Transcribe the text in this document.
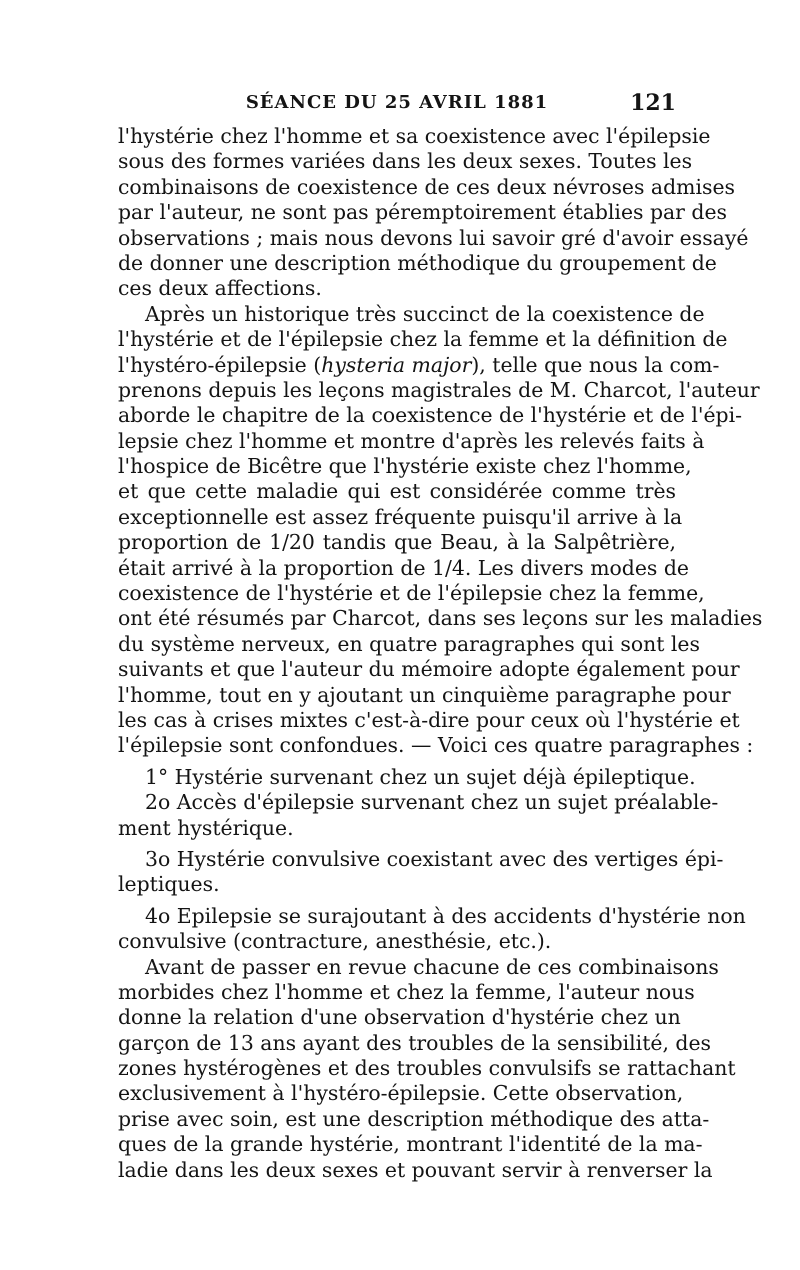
SÉANCE DU 25 AVRIL 1881	121
l'hystérie chez l'homme et sa coexistence avec l'épilepsie
sous des formes variées dans les deux sexes. Toutes les
combinaisons de coexistence de ces deux névroses admises
par l'auteur, ne sont pas péremptoirement établies par des
observations ; mais nous devons lui savoir gré d'avoir essayé
de donner une description méthodique du groupement de
ces deux affections.
Après un historique très succinct de la coexistence de
l'hystérie et de l'épilepsie chez la femme et la définition de
l'hystéro-épilepsie ( hysteria major ), telle que nous la com-
prenons depuis les leçons magistrales de M. Charcot, l'auteur
aborde le chapitre de la coexistence de l'hystérie et de l'épi-
lepsie chez l'homme et montre d'après les relevés faits à
l'hospice de Bicêtre que l'hystérie existe chez l'homme,
et que cette maladie qui est considérée comme très
exceptionnelle est assez fréquente puisqu'il arrive à la
proportion de 1/20 tandis que Beau, à la Salpêtrière,
était arrivé à la proportion de 1/4. Les divers modes de
coexistence de l'hystérie et de l'épilepsie chez la femme,
ont été résumés par Charcot, dans ses leçons sur les maladies
du système nerveux, en quatre paragraphes qui sont les
suivants et que l'auteur du mémoire adopte également pour
l'homme, tout en y ajoutant un cinquième paragraphe pour
les cas à crises mixtes c'est-à-dire pour ceux où l'hystérie et
l'épilepsie sont confondues. — Voici ces quatre paragraphes :
1° Hystérie survenant chez un sujet déjà épileptique.
2o Accès d'épilepsie survenant chez un sujet préalable-
ment hystérique.
3o Hystérie convulsive coexistant avec des vertiges épi-
leptiques.
4o Epilepsie se surajoutant à des accidents d'hystérie non
convulsive (contracture, anesthésie, etc.).
Avant de passer en revue chacune de ces combinaisons
morbides chez l'homme et chez la femme, l'auteur nous
donne la relation d'une observation d'hystérie chez un
garçon de 13 ans ayant des troubles de la sensibilité, des
zones hystérogènes et des troubles convulsifs se rattachant
exclusivement à l'hystéro-épilepsie. Cette observation,
prise avec soin, est une description méthodique des atta-
ques de la grande hystérie, montrant l'identité de la ma-
ladie dans les deux sexes et pouvant servir à renverser la
